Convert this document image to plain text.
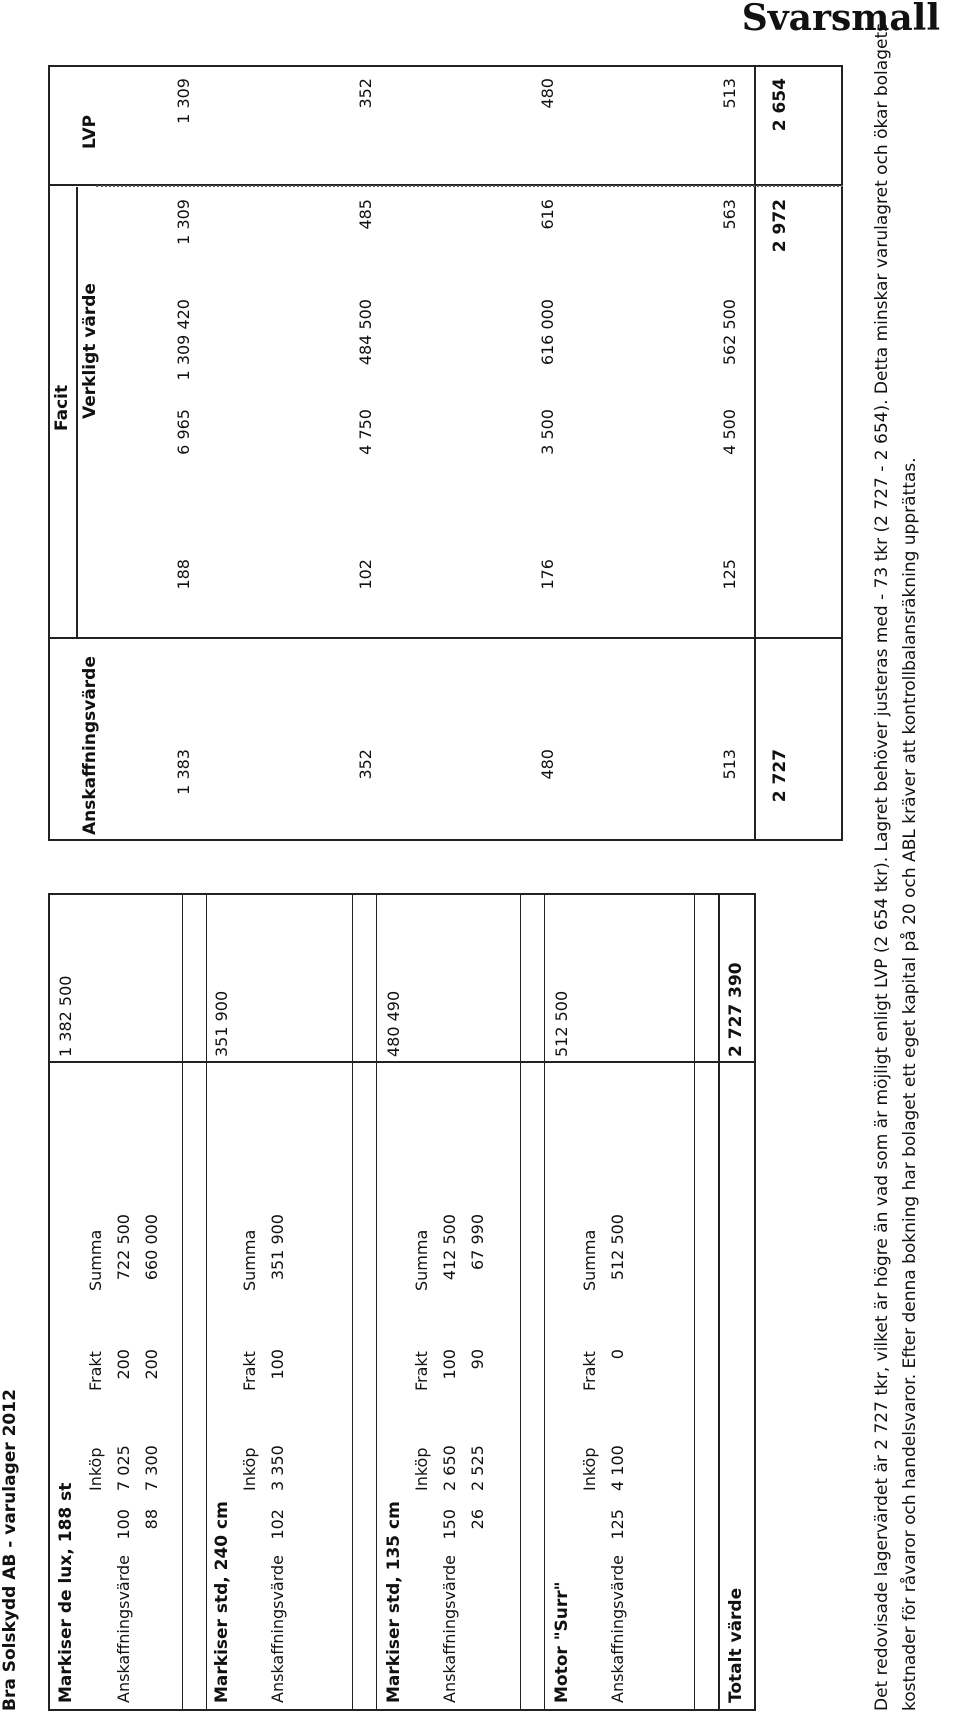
Svarsmall
Bra Solskydd AB - varulager 2012 Markiser de lux, 188 st
1 382 500
Inköp
Frakt
Summa
Anskaffningsvärde
100
7 025
200
722 500
88
7 300
200
660 000
Markiser std, 240 cm
351 900
Inköp
Frakt
Summa
Anskaffningsvärde
102
3 350
100
351 900
Markiser std, 135 cm
480 490
Inköp
Frakt
Summa
Anskaffningsvärde
150
2 650
100
412 500
26
2 525
90
67 990
Motor "Surr"
512 500
Inköp
Frakt
Summa
Anskaffningsvärde
125
4 100
0
512 500
Totalt värde
2 727 390
Facit
Anskaffningsvärde
Verkligt värde
LVP
1 383
188
6 965
1 309 420
1 309
1 309
352
102
4 750
484 500
485
352
480
176
3 500
616 000
616
480
513
125
4 500
562 500
563
513
2 727
2 972
2 654	Det redovisade lagervärdet är 2 727 tkr, vilket är högre än vad som är möjligt enligt LVP (2 654 tkr). Lagret behöver justeras med - 73 tkr (2 727 - 2 654). Detta minskar varulagret och ökar bolagets kostnader för råvaror och handelsvaror. Efter denna bokning har bolaget ett eget kapital på 20 och ABL kräver att kontrollbalansräkning upprättas.
